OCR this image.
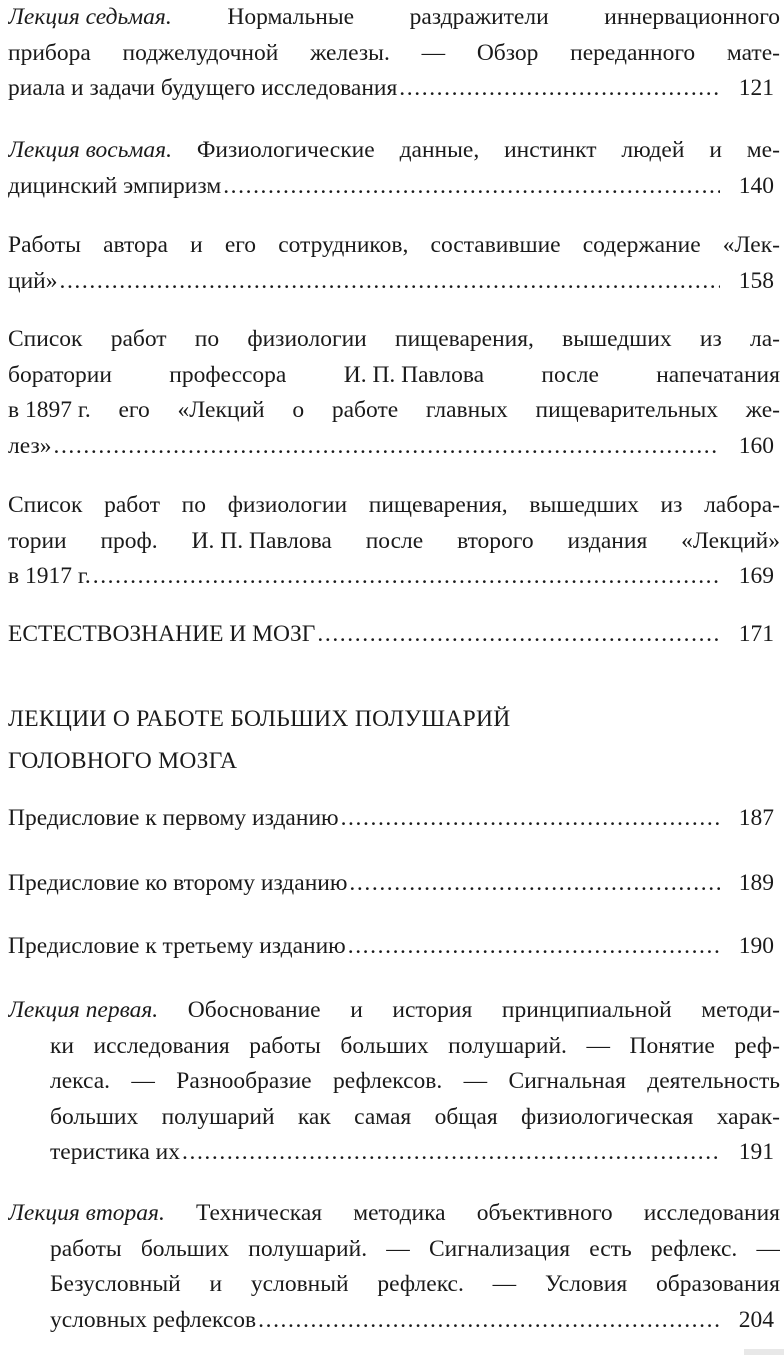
Лекция седьмая. Нормальные раздражители иннервационного
прибора поджелудочной железы. — Обзор переданного мате-
риала и задачи будущего исследования .....	121
Лекция восьмая. Физиологические данные, инстинкт людей и ме-
дицинский эмпиризм .....	140
Работы автора и его сотрудников, составившие содержание «Лек-
ций» .....	158
Список работ по физиологии пищеварения, вышедших из ла-
боратории профессора И. П. Павлова после напечатания
в 1897 г. его «Лекций о работе главных пищеварительных же-
лез» .....	160
Список работ по физиологии пищеварения, вышедших из лабора-
тории проф. И. П. Павлова после второго издания «Лекций»
в 1917 г. .....	169
ЕСТЕСТВОЗНАНИЕ И МОЗГ .....	171
ЛЕКЦИИ О РАБОТЕ БОЛЬШИХ ПОЛУШАРИЙ
ГОЛОВНОГО МОЗГА
Предисловие к первому изданию .....	187
Предисловие ко второму изданию .....	189
Предисловие к третьему изданию .....	190
Лекция первая. Обоснование и история принципиальной методи-
ки исследования работы больших полушарий. — Понятие реф-
лекса. — Разнообразие рефлексов. — Сигнальная деятельность
больших полушарий как самая общая физиологическая харак-
теристика их .....	191
Лекция вторая. Техническая методика объективного исследования
работы больших полушарий. — Сигнализация есть рефлекс. —
Безусловный и условный рефлекс. — Условия образования
условных рефлексов .....	204
